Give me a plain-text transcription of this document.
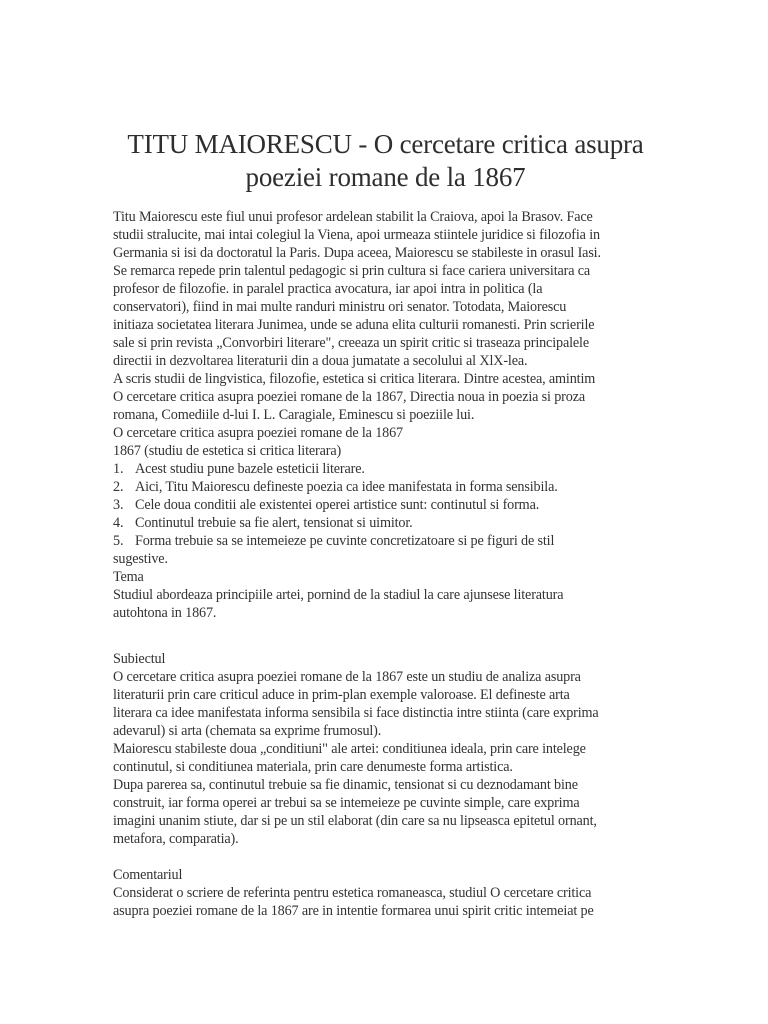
TITU MAIORESCU - O cercetare critica asupra
poeziei romane de la 1867
Titu Maiorescu este fiul unui profesor ardelean stabilit la Craiova, apoi la Brasov. Face
studii stralucite, mai intai colegiul la Viena, apoi urmeaza stiintele juridice si filozofia in
Germania si isi da doctoratul la Paris. Dupa aceea, Maiorescu se stabileste in orasul Iasi.
Se remarca repede prin talentul pedagogic si prin cultura si face cariera universitara ca
profesor de filozofie. in paralel practica avocatura, iar apoi intra in politica (la
conservatori), fiind in mai multe randuri ministru ori senator. Totodata, Maiorescu
initiaza societatea literara Junimea, unde se aduna elita culturii romanesti. Prin scrierile
sale si prin revista „Convorbiri literare", creeaza un spirit critic si traseaza principalele
directii in dezvoltarea literaturii din a doua jumatate a secolului al XlX-lea.
A scris studii de lingvistica, filozofie, estetica si critica literara. Dintre acestea, amintim
O cercetare critica asupra poeziei romane de la 1867, Directia noua in poezia si proza
romana, Comediile d-lui I. L. Caragiale, Eminescu si poeziile lui.
O cercetare critica asupra poeziei romane de la 1867
1867 (studiu de estetica si critica literara)
1. Acest studiu pune bazele esteticii literare.
2. Aici, Titu Maiorescu defineste poezia ca idee manifestata in forma sensibila.
3. Cele doua conditii ale existentei operei artistice sunt: continutul si forma.
4. Continutul trebuie sa fie alert, tensionat si uimitor.
5. Forma trebuie sa se intemeieze pe cuvinte concretizatoare si pe figuri de stil
sugestive.
Tema
Studiul abordeaza principiile artei, pornind de la stadiul la care ajunsese literatura
autohtona in 1867.
Subiectul
O cercetare critica asupra poeziei romane de la 1867 este un studiu de analiza asupra
literaturii prin care criticul aduce in prim-plan exemple valoroase. El defineste arta
literara ca idee manifestata informa sensibila si face distinctia intre stiinta (care exprima
adevarul) si arta (chemata sa exprime frumosul).
Maiorescu stabileste doua „conditiuni" ale artei: conditiunea ideala, prin care intelege
continutul, si conditiunea materiala, prin care denumeste forma artistica.
Dupa parerea sa, continutul trebuie sa fie dinamic, tensionat si cu deznodamant bine
construit, iar forma operei ar trebui sa se intemeieze pe cuvinte simple, care exprima
imagini unanim stiute, dar si pe un stil elaborat (din care sa nu lipseasca epitetul ornant,
metafora, comparatia).
Comentariul
Considerat o scriere de referinta pentru estetica romaneasca, studiul O cercetare critica
asupra poeziei romane de la 1867 are in intentie formarea unui spirit critic intemeiat pe
